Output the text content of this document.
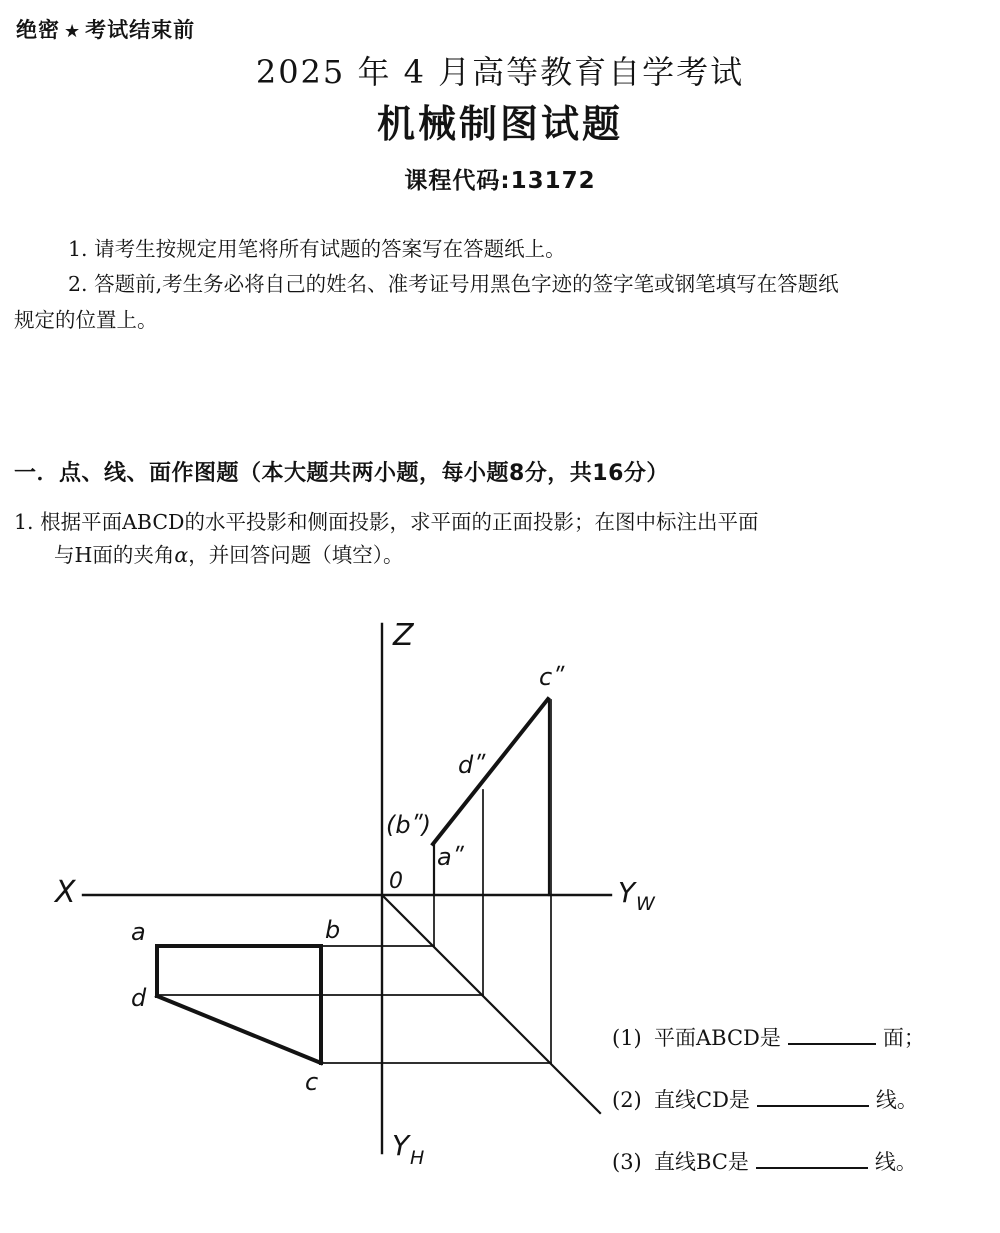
绝密 ★ 考试结束前
2025 年 4 月高等教育自学考试
机械制图试题
课程代码:13172
1. 请考生按规定用笔将所有试题的答案写在答题纸上。
2. 答题前,考生务必将自己的姓名、准考证号用黑色字迹的签字笔或钢笔填写在答题纸
规定的位置上。
一．点、线、面作图题（本大题共两小题，每小题8分，共16分）
1. 根据平面ABCD的水平投影和侧面投影，求平面的正面投影；在图中标注出平面
与H面的夹角α，并回答问题（填空）。
X
Z
Y W
Y H
0
a	b
d
c
aʺ
(bʺ)
dʺ
cʺ
(1) 平面ABCD是	面；
(2) 直线CD是	线。
(3) 直线BC是	线。
